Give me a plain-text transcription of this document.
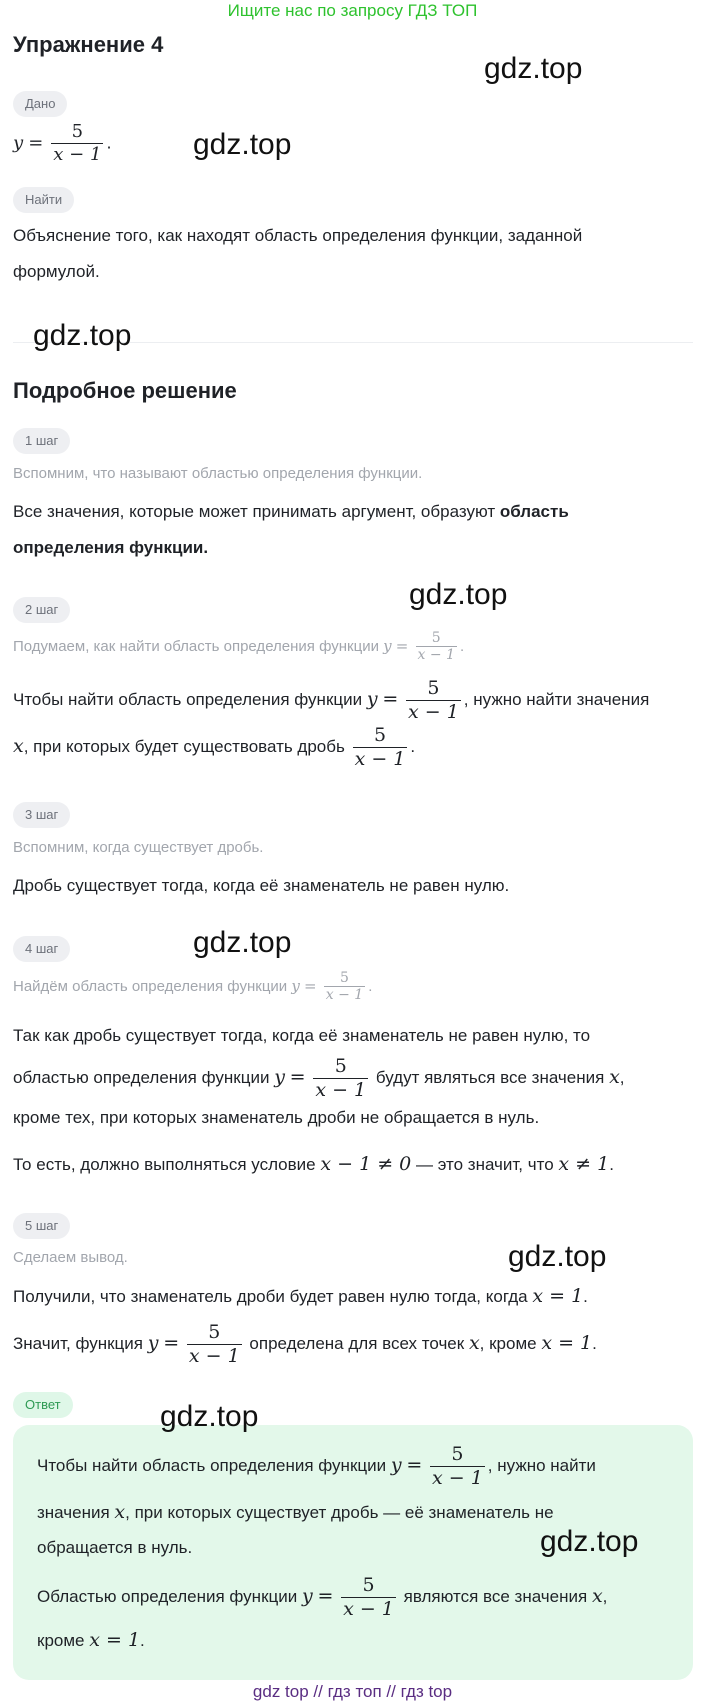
Ищите нас по запросу ГДЗ ТОП
Упражнение 4
Дано
$y = \frac{5}{x - 1}$ .
Найти
Объяснение того, как находят область определения функции, заданной формулой.
Подробное решение
1 шаг
Вспомним, что называют областью определения функции.
Все значения, которые может принимать аргумент, образуют область определения функции.
2 шаг
Подумаем, как найти область определения функции $y = \frac{5}{x - 1}$ .
Чтобы найти область определения функции $y = \frac{5}{x - 1}$ , нужно найти значения
x, при которых будет существовать дробь $\frac{5}{x - 1}$ .
3 шаг
Вспомним, когда существует дробь.
Дробь существует тогда, когда её знаменатель не равен нулю.
4 шаг
Найдём область определения функции $y = \frac{5}{x - 1}$ .
Так как дробь существует тогда, когда её знаменатель не равен нулю, то
областью определения функции $y = \frac{5}{x - 1}$ будут являться все значения x,
кроме тех, при которых знаменатель дроби не обращается в нуль.
То есть, должно выполняться условие x − 1 ≠ 0 — это значит, что x ≠ 1.
5 шаг
Сделаем вывод.
Получили, что знаменатель дроби будет равен нулю тогда, когда x = 1.
Значит, функция $y = \frac{5}{x - 1}$ определена для всех точек x, кроме x = 1.
Ответ
Чтобы найти область определения функции $y = \frac{5}{x - 1}$ , нужно найти
значения x, при которых существует дробь — её знаменатель не
обращается в нуль.
Областью определения функции $y = \frac{5}{x - 1}$ являются все значения x,
кроме x = 1.
gdz.top
gdz.top
gdz.top
gdz.top
gdz.top
gdz.top
gdz.top
gdz.top
gdz top // гдз топ // гдз top
